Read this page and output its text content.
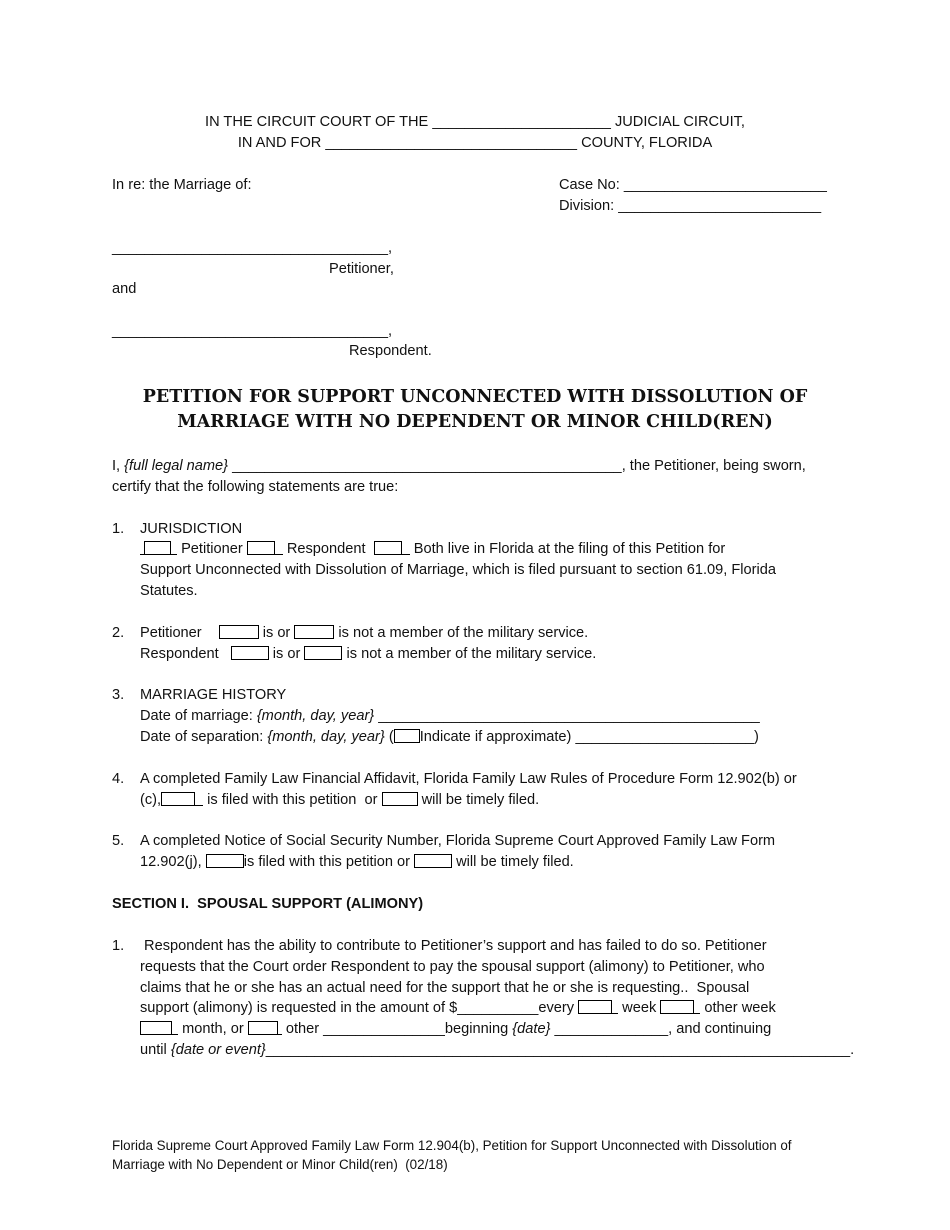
IN THE CIRCUIT COURT OF THE ______________________ JUDICIAL CIRCUIT,
IN AND FOR _______________________________ COUNTY, FLORIDA
In re: the Marriage of:	Case No: _________________________
Division: _________________________
__________________________________,
Petitioner,
and
__________________________________,
Respondent.
PETITION FOR SUPPORT UNCONNECTED WITH DISSOLUTION OF
MARRIAGE WITH NO DEPENDENT OR MINOR CHILD(REN)
I, {full legal name} ________________________________________________, the Petitioner, being sworn,
certify that the following statements are true:
1. JURISDICTION
Petitioner	Respondent	Both live in Florida at the filing of this Petition for
Support Unconnected with Dissolution of Marriage, which is filed pursuant to section 61.09, Florida
Statutes.
2. Petitioner	is or	is not a member of the military service.
Respondent	is or	is not a member of the military service.
3. MARRIAGE HISTORY
Date of marriage: {month, day, year} _______________________________________________
Date of separation: {month, day, year} ( Indicate if approximate) ______________________)
4. A completed Family Law Financial Affidavit, Florida Family Law Rules of Procedure Form 12.902(b) or
(c),	is filed with this petition  or	will be timely filed.
5. A completed Notice of Social Security Number, Florida Supreme Court Approved Family Law Form
12.902(j),	is filed with this petition or	will be timely filed.
SECTION I.  SPOUSAL SUPPORT (ALIMONY)
1. Respondent has the ability to contribute to Petitioner’s support and has failed to do so. Petitioner
requests that the Court order Respondent to pay the spousal support (alimony) to Petitioner, who
claims that he or she has an actual need for the support that he or she is requesting..  Spousal
support (alimony) is requested in the amount of $__________every	week	other week
month, or	other _______________beginning {date} ______________, and continuing
until {date or event}________________________________________________________________________.
Florida Supreme Court Approved Family Law Form 12.904(b), Petition for Support Unconnected with Dissolution of
Marriage with No Dependent or Minor Child(ren)  (02/18)
